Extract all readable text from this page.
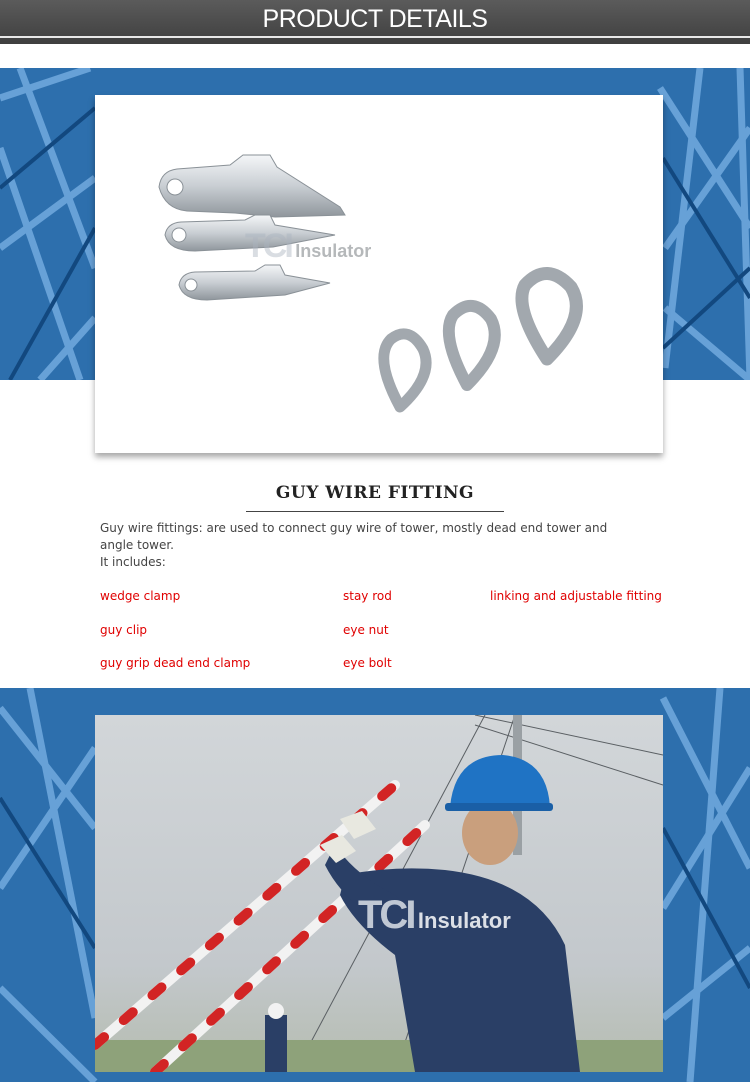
PRODUCT DETAILS
TCI Insulator
GUY WIRE FITTING

Guy wire fittings: are used to connect guy wire of tower, mostly dead end tower and angle tower.

It includes:

wedge clamp	stay rod	linking and adjustable fitting
guy clip	eye nut
guy grip dead end clamp	eye bolt
TCI Insulator
